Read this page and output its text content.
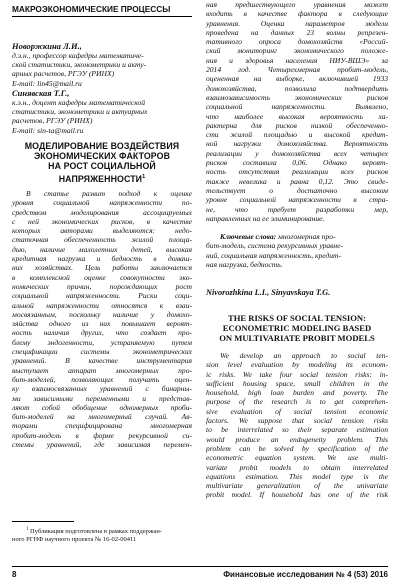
МАКРОЭКОНОМИЧЕСКИЕ ПРОЦЕССЫ
Новоржкина Л.И.,
д.э.н., профессор кафедры математиче-
ской статистики, эконометрики и акту-
арных расчетов, РГЭУ (РИНХ)
E-mail: lin45@mail.ru
Синявская Т.Г.,
к.э.н., доцент кафедры математической
статистики, эконометрики и актуарных
расчетов, РГЭУ (РИНХ)
E-mail: sin-ta@mail.ru
МОДЕЛИРОВАНИЕ ВОЗДЕЙСТВИЯ
ЭКОНОМИЧЕСКИХ ФАКТОРОВ
НА РОСТ СОЦИАЛЬНОЙ
НАПРЯЖЕННОСТИ$^1$
В статье развит подход к оценке
уровня социальной напряженности по-
средством моделирования ассоциируемых
с ней экономических рисков, в качестве
которых авторами выделяются: недо-
статочная обеспеченность жилой площа-
дью, наличие малолетних детей, высокая
кредитная нагрузка и бедность в домаш-
них хозяйствах. Цель работы заключается
в комплексной оценке совокупности эко-
номических причин, порождающих рост
социальной напряженности. Риски соци-
альной напряженности относятся к взаи-
мосвязанным, поскольку наличие у домохо-
зяйства одного из них повышает вероят-
ность наличия других, что создает про-
блему эндогенности, устраняемую путем
спецификации системы эконометрических
уравнений. В качестве инструментария
выступает аппарат многомерных про-
бит-моделей, позволяющих получать оцен-
ку взаимосвязанных уравнений с бинарны-
ми зависимыми переменными и представ-
ляют собой обобщение одномерных проби-
бит-моделей на многомерный случай. Ав-
торами специфицирована многомерная
пробит-модель в форме рекурсивной си-
стемы уравнений, где зависимая перемен-
ная предшествующего уравнения может
входить в качестве фактора в следующие
уравнения. Оценка параметров модели
проведена на данных 23 волны репрезен-
тативного опроса домохозяйств «Россий-
ский мониторинг экономического положе-
ния и здоровья населения НИУ-ВШЭ» за
2014 год. Четырехмерная пробит-модель,
оцененная на выборке, включившей 1933
домохозяйства, позволила подтвердить
взаимозависимость экономических рисков
социальной напряженности. Выявлено,
что наиболее высокая вероятность ха-
рактерна для рисков низкой обеспеченно-
сти жилой площадью и высокой кредит-
ной нагрузки домохозяйства. Вероятность
реализации у домохозяйства всех четырех
рисков составила 0,06. Однако вероят-
ность отсутствия реализации всех рисков
также невелика и равна 0,12. Это свиде-
тельствует о достаточно высоком
уровне социальной напряженности в стра-
не, что требует разработки мер,
направленных на ее элиминирование.
Ключевые слова: многомерная про-
бит-модель, система рекурсивных уравне-
ний, социальная напряженность, кредит-
ная нагрузка, бедность.
Nivorozhkina L.I., Sinyavskaya T.G.
THE RISKS OF SOCIAL TENSION:
ECONOMETRIC MODELING BASED
ON MULTIVARIATE PROBIT MODELS
We develop an approach to social ten-
sion level evaluation by modeling its econom-
ic risks. We take four social tension risks: in-
sufficient housing space, small children in the
household, high loan burden and poverty. The
purpose of the research is to get comprehen-
sive evaluation of social tension economic
factors. We suppose that social tension risks
to be interrelated so their separate estimation
would produce an endogeneity problem. This
problem can be solved by specification of the
econometric equation system. We use multi-
variate probit models to obtain interrelated
equations estimation. This model type is the
multivariate generalization of the univariate
probit model. If household has one of the risk
$^1$ Публикация подготовлена в рамках поддержан-
ного РГНФ научного проекта № 16-02-00411
8	Финансовые исследования № 4 (53) 2016
